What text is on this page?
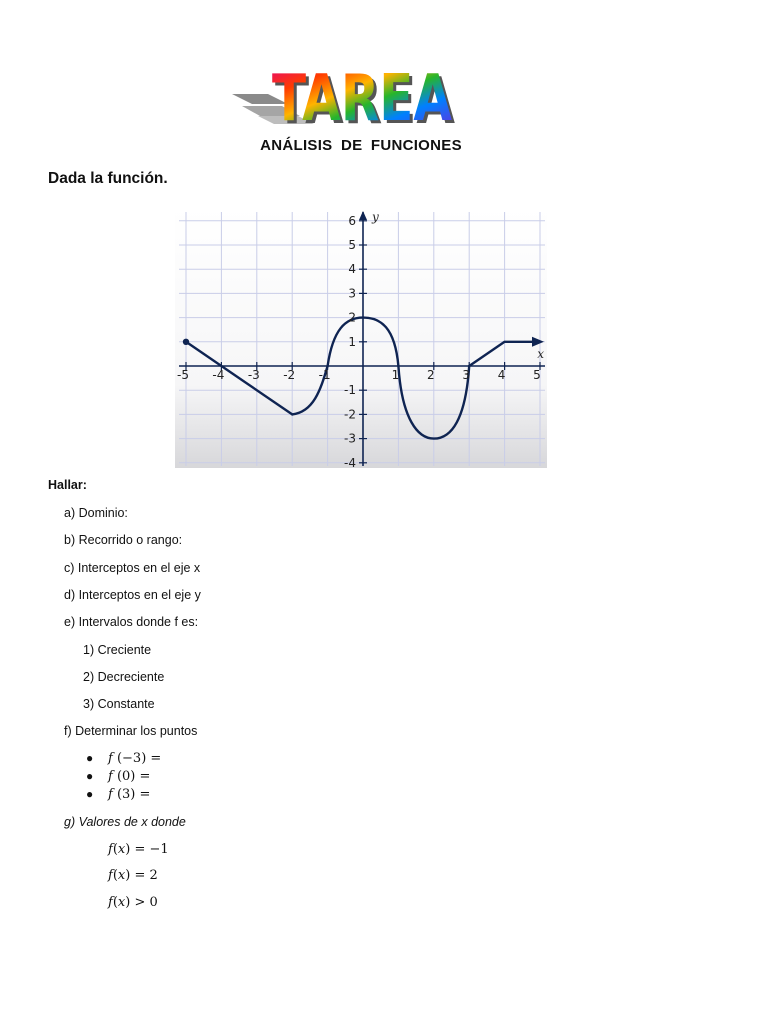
TAREA
TAREA
ANÁLISIS DE FUNCIONES
Dada la función.
-5 -4 -3 -2 -1	1 2 3 4 5
6
5
4
3
2
1
-1
-2
-3
-4
x
y
Hallar:
a) Dominio:
b) Recorrido o rango:
c) Interceptos en el eje x
d) Interceptos en el eje y
e) Intervalos donde f es:
1) Creciente
2) Decreciente
3) Constante
f) Determinar los puntos
● f (−3) =
● f (0) =
● f (3) =
g) Valores de x donde
f(x) = −1
f(x) = 2
f(x) > 0
